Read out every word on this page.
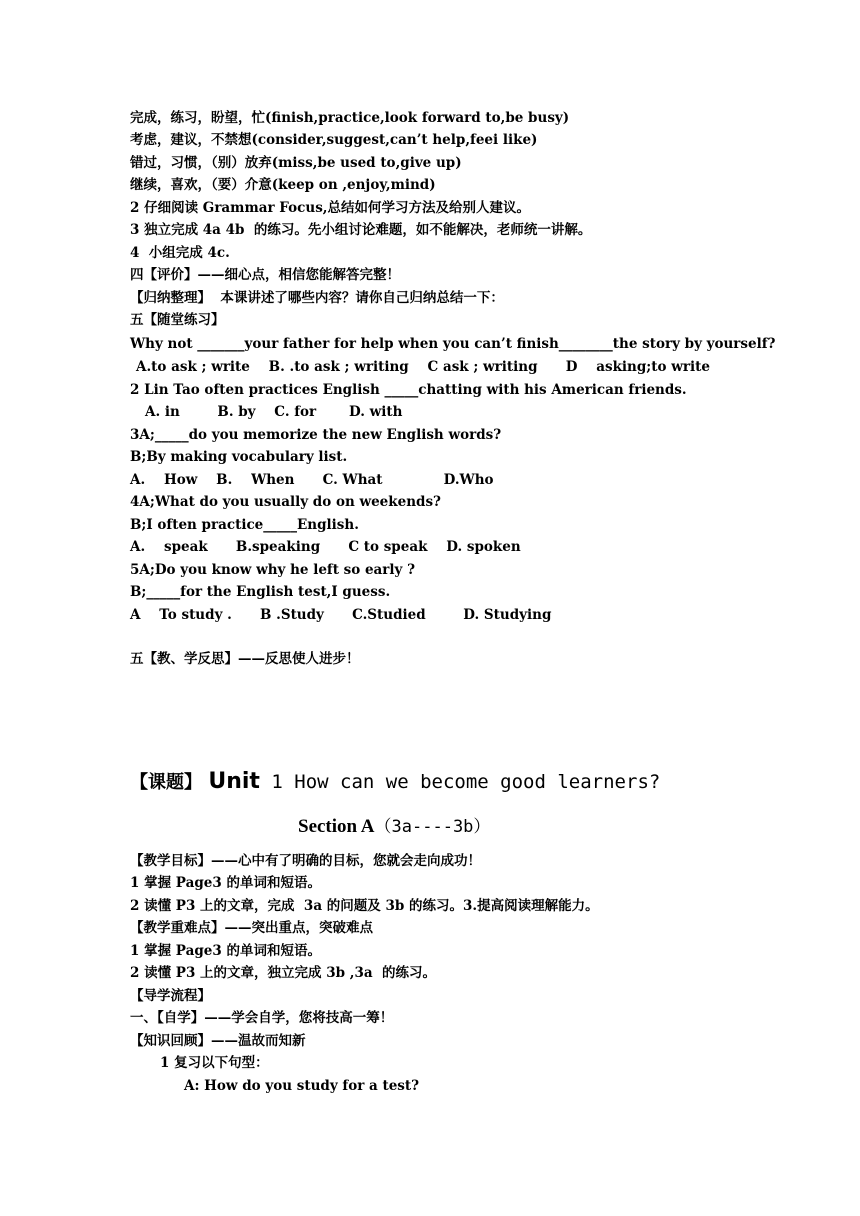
完成，练习，盼望，忙(finish,practice,look forward to,be busy)
考虑，建议，不禁想(consider,suggest,can’t help,feei like)
错过，习惯，（别）放弃(miss,be used to,give up)
继续，喜欢，（要）介意(keep on ,enjoy,mind)
2 仔细阅读 Grammar Focus,总结如何学习方法及给别人建议。
3 独立完成 4a 4b  的练习。先小组讨论难题，如不能解决，老师统一讲解。
4  小组完成 4c.
四【评价】——细心点，相信您能解答完整！
【归纳整理】  本课讲述了哪些内容？请你自己归纳总结一下：
五【随堂练习】
Why not _______your father for help when you can’t finish________the story by yourself?
A.to ask ; write    B. .to ask ; writing    C ask ; writing      D    asking;to write
2 Lin Tao often practices English _____chatting with his American friends.
A. in        B. by    C. for       D. with
3A;_____do you memorize the new English words?
B;By making vocabulary list.
A.    How    B.    When      C. What             D.Who
4A;What do you usually do on weekends?
B;I often practice_____English.
A.    speak      B.speaking      C to speak    D. spoken
5A;Do you know why he left so early ?
B;_____for the English test,I guess.
A    To study .      B .Study      C.Studied        D. Studying
五【教、学反思】——反思使人进步！
【课题】 Unit 1 How can we become good learners?
Section A（3a----3b）
【教学目标】——心中有了明确的目标，您就会走向成功！
1 掌握 Page3 的单词和短语。
2 读懂 P3 上的文章，完成  3a 的问题及 3b 的练习。3.提高阅读理解能力。
【教学重难点】——突出重点，突破难点
1 掌握 Page3 的单词和短语。
2 读懂 P3 上的文章，独立完成 3b ,3a  的练习。
【导学流程】
一、【自学】——学会自学，您将技高一筹！
【知识回顾】——温故而知新
1 复习以下句型：
A: How do you study for a test?
